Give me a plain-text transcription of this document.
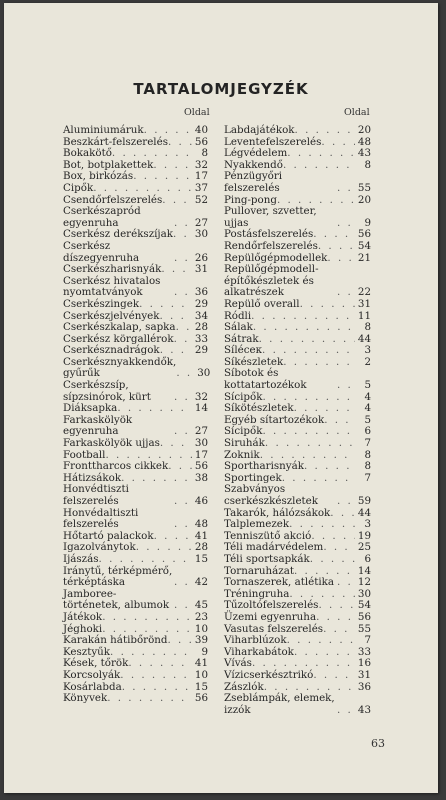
TARTALOMJEGYZÉK
Oldal	Oldal
Aluminiumáruk . . .	40
Beszkárt-felszerelés . . .	56
Bokakötő . . .	8
Bot, botplakettek . . .	32
Box, birkózás . . .	17
Cipők . . .	37
Csendőrfelszerelés . . .	52
Cserkészapród egyenruha . . .	27
Cserkész derékszíjak . . . 30
Cserkész díszegyenruha . . .	26
Cserkészharisnyák . . .	31
Cserkész hivatalos nyomtatványok . . .	36
Cserkészingek . . .	29
Cserkészjelvények . . .	34
Cserkészkalap, sapka . . . 28
Cserkész körgallérok . . . 33
Cserkésznadrágok . . .	29
Cserkésznyakkendők, gyűrűk . . .	30
Cserkészsíp, sípzsinórok, kürt . . .	32
Diáksapka . . .	14
Farkaskölyök egyenruha . . .	27
Farkaskölyök ujjas . . .	30
Football . . .	17
Fronttharcos cikkek . . .	56
Hátizsákok . . .	38
Honvédtiszti felszerelés . . .	46
Honvédaltiszti felszerelés . . .	48
Hőtartó palackok . . .	41
Igazolványtok . . .	28
Ijászás . . .	15
Iránytű, térképmérő, térképtáska . . .	42
Jamboree-történetek, albumok . . .	45
Játékok . . .	23
Jéghoki . . .	10
Karakán hátibőrönd . . .	39
Kesztyűk . . .	9
Kések, tőrök . . .	41
Korcsolyák . . .	10
Kosárlabda . . .	15
Könyvek . . .	56
Labdajátékok . . .	20
Leventefelszerelés . . .	48
Légvédelem . . .	43
Nyakkendő . . .	8
Pénzügyőri felszerelés . . .	55
Ping-pong . . .	20
Pullover, szvetter, ujjas . . .	9
Postásfelszerelés . . .	56
Rendőrfelszerelés . . .	54
Repülőgépmodellek . . .	21
Repülőgépmodell-építőkészletek és alkatrészek . . .	22
Repülő overall . . .	31
Ródli . . .	11
Sálak . . .	8
Sátrak . . .	44
Síléceк . . .	3
Síkészletek . . .	2
Síbotok és kottatartozékok . . .	5
Sícipők . . .	4
Síkötészletek . . .	4
Egyéb sítartozékok . . .	5
Sícipők . . .	6
Siruhák . . .	7
Zoknik . . .	8
Sportharisnyák . . .	8
Sportingek . . .	7
Szabványos cserkészkészletek . . .	59
Takarók, hálózsákok . . .	44
Talplemezek . . .	3
Tenniszütő akció . . .	19
Téli madárvédelem . . .	25
Téli sportsapkák . . .	6
Tornaruházat . . .	14
Tornaszerek, atlétika . . . 12
Tréningruha . . .	30
Tűzoltófelszerelés . . .	54
Üzemi egyenruha . . .	56
Vasutas felszerelés . . .	55
Viharblúzok . . .	7
Viharkabátok . . .	33
Vívás . . .	16
Vízicserkésztrikó . . .	31
Zászlók . . .	36
Zseblámpák, elemek, izzók . . .	43
63
